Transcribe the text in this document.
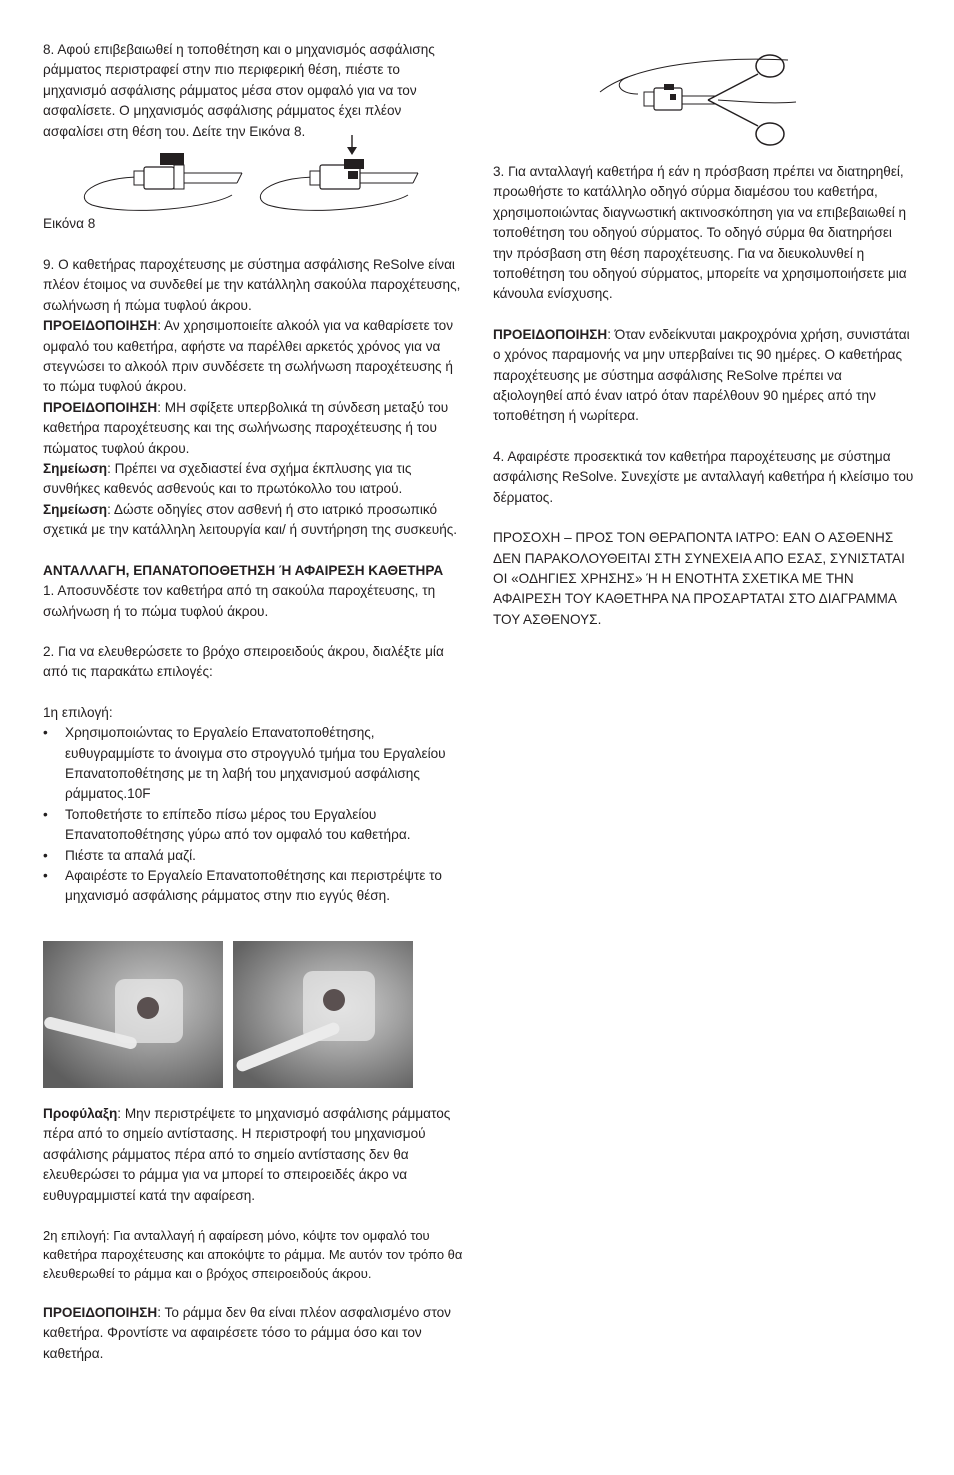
8. Αφού επιβεβαιωθεί η τοποθέτηση και ο μηχανισμός ασφάλισης ράμματος περιστραφεί στην πιο περιφερική θέση, πιέστε το μηχανισμό ασφάλισης ράμματος μέσα στον ομφαλό για να τον ασφαλίσετε. Ο μηχανισμός ασφάλισης ράμματος έχει πλέον ασφαλίσει στη θέση του. Δείτε την Εικόνα 8.

Εικόνα 8

9. Ο καθετήρας παροχέτευσης με σύστημα ασφάλισης ReSolve είναι πλέον έτοιμος να συνδεθεί με την κατάλληλη σακούλα παροχέτευσης, σωλήνωση ή πώμα τυφλού άκρου.

ΠΡΟΕΙΔΟΠΟΙΗΣΗ: Αν χρησιμοποιείτε αλκοόλ για να καθαρίσετε τον ομφαλό του καθετήρα, αφήστε να παρέλθει αρκετός χρόνος για να στεγνώσει το αλκοόλ πριν συνδέσετε τη σωλήνωση παροχέτευσης ή το πώμα τυφλού άκρου.

ΠΡΟΕΙΔΟΠΟΙΗΣΗ: ΜΗ σφίξετε υπερβολικά τη σύνδεση μεταξύ του καθετήρα παροχέτευσης και της σωλήνωσης παροχέτευσης ή του πώματος τυφλού άκρου.

Σημείωση: Πρέπει να σχεδιαστεί ένα σχήμα έκπλυσης για τις συνθήκες καθενός ασθενούς και το πρωτόκολλο του ιατρού.

Σημείωση: Δώστε οδηγίες στον ασθενή ή στο ιατρικό προσωπικό σχετικά με την κατάλληλη λειτουργία και/ ή συντήρηση της συσκευής.

ΑΝΤΑΛΛΑΓΗ, ΕΠΑΝΑΤΟΠΟΘΕΤΗΣΗ Ή ΑΦΑΙΡΕΣΗ ΚΑΘΕΤΗΡΑ

1. Αποσυνδέστε τον καθετήρα από τη σακούλα παροχέτευσης, τη σωλήνωση ή το πώμα τυφλού άκρου.

2. Για να ελευθερώσετε το βρόχο σπειροειδούς άκρου, διαλέξτε μία από τις παρακάτω επιλογές:

1η επιλογή:

• Χρησιμοποιώντας το Εργαλείο Επανατοποθέτησης, ευθυγραμμίστε το άνοιγμα στο στρογγυλό τμήμα του Εργαλείου Επανατοποθέτησης με τη λαβή του μηχανισμού ασφάλισης ράμματος.10F
• Τοποθετήστε το επίπεδο πίσω μέρος του Εργαλείου Επανατοποθέτησης γύρω από τον ομφαλό του καθετήρα.
• Πιέστε τα απαλά μαζί.
• Αφαιρέστε το Εργαλείο Επανατοποθέτησης και περιστρέψτε το μηχανισμό ασφάλισης ράμματος στην πιο εγγύς θέση.

Προφύλαξη: Μην περιστρέψετε το μηχανισμό ασφάλισης ράμματος πέρα από το σημείο αντίστασης. Η περιστροφή του μηχανισμού ασφάλισης ράμματος πέρα από το σημείο αντίστασης δεν θα ελευθερώσει το ράμμα για να μπορεί το σπειροειδές άκρο να ευθυγραμμιστεί κατά την αφαίρεση.

2η επιλογή: Για ανταλλαγή ή αφαίρεση μόνο, κόψτε τον ομφαλό του καθετήρα παροχέτευσης και αποκόψτε το ράμμα. Με αυτόν τον τρόπο θα ελευθερωθεί το ράμμα και ο βρόχος σπειροειδούς άκρου.

ΠΡΟΕΙΔΟΠΟΙΗΣΗ: Το ράμμα δεν θα είναι πλέον ασφαλισμένο στον καθετήρα. Φροντίστε να αφαιρέσετε τόσο το ράμμα όσο και τον καθετήρα.

3. Για ανταλλαγή καθετήρα ή εάν η πρόσβαση πρέπει να διατηρηθεί, προωθήστε το κατάλληλο οδηγό σύρμα διαμέσου του καθετήρα, χρησιμοποιώντας διαγνωστική ακτινοσκόπηση για να επιβεβαιωθεί η τοποθέτηση του οδηγού σύρματος. Το οδηγό σύρμα θα διατηρήσει την πρόσβαση στη θέση παροχέτευσης. Για να διευκολυνθεί η τοποθέτηση του οδηγού σύρματος, μπορείτε να χρησιμοποιήσετε μια κάνουλα ενίσχυσης.

ΠΡΟΕΙΔΟΠΟΙΗΣΗ: Όταν ενδείκνυται μακροχρόνια χρήση, συνιστάται ο χρόνος παραμονής να μην υπερβαίνει τις 90 ημέρες. Ο καθετήρας παροχέτευσης με σύστημα ασφάλισης ReSolve πρέπει να αξιολογηθεί από έναν ιατρό όταν παρέλθουν 90 ημέρες από την τοποθέτηση ή νωρίτερα.

4. Αφαιρέστε προσεκτικά τον καθετήρα παροχέτευσης με σύστημα ασφάλισης ReSolve. Συνεχίστε με ανταλλαγή καθετήρα ή κλείσιμο του δέρματος.

ΠΡΟΣΟΧΗ – ΠΡΟΣ ΤΟΝ ΘΕΡΑΠΟΝΤΑ ΙΑΤΡΟ: ΕΑΝ Ο ΑΣΘΕΝΗΣ ΔΕΝ ΠΑΡΑΚΟΛΟΥΘΕΙΤΑΙ ΣΤΗ ΣΥΝΕΧΕΙΑ ΑΠΟ ΕΣΑΣ, ΣΥΝΙΣΤΑΤΑΙ ΟΙ «ΟΔΗΓΙΕΣ ΧΡΗΣΗΣ» Ή Η ΕΝΟΤΗΤΑ ΣΧΕΤΙΚΑ ΜΕ ΤΗΝ ΑΦΑΙΡΕΣΗ ΤΟΥ ΚΑΘΕΤΗΡΑ ΝΑ ΠΡΟΣΑΡΤΑΤΑΙ ΣΤΟ ΔΙΑΓΡΑΜΜΑ ΤΟΥ ΑΣΘΕΝΟΥΣ.
